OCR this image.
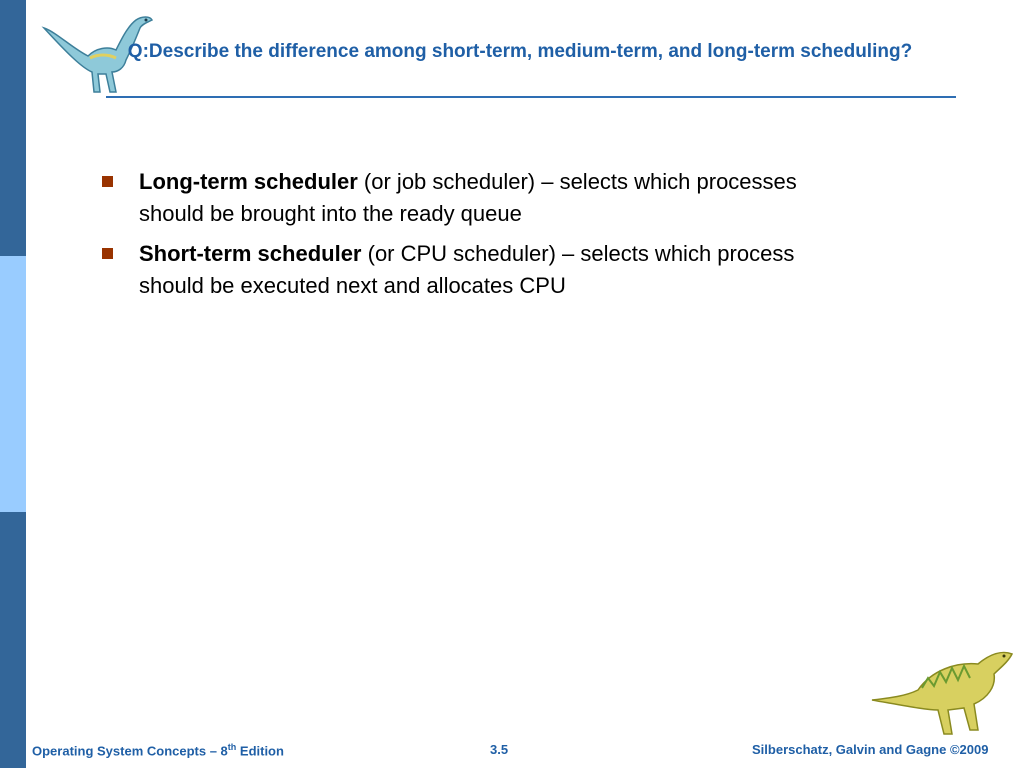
Q:Describe the difference among short-term, medium-term, and long-term scheduling?
Long-term scheduler (or job scheduler) – selects which processes should be brought into the ready queue
Short-term scheduler (or CPU scheduler) – selects which process should be executed next and allocates CPU
Operating System Concepts – 8th Edition	3.5	Silberschatz, Galvin and Gagne ©2009
